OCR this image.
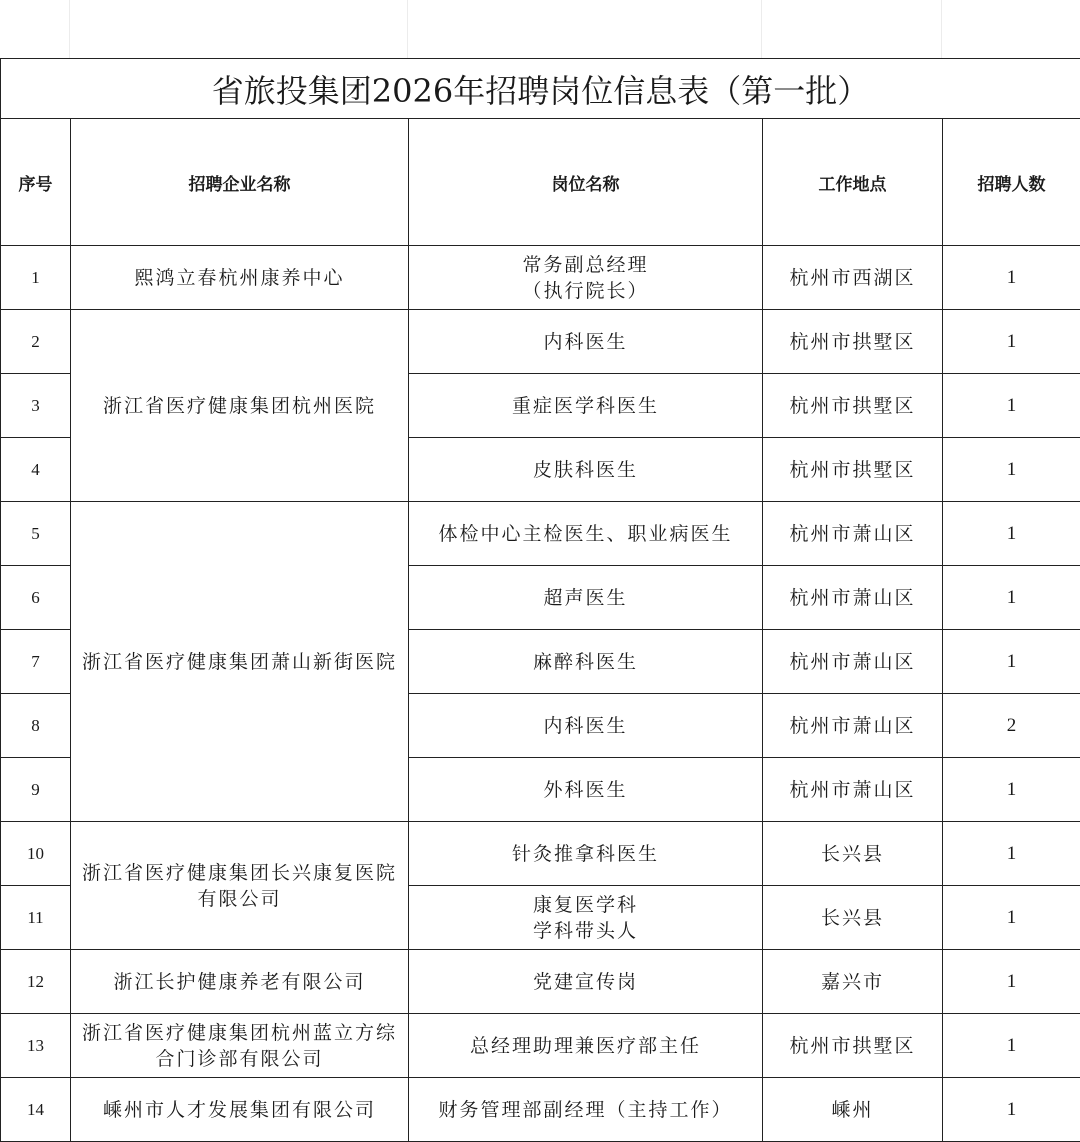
省旅投集团2026年招聘岗位信息表（第一批）				
序号	招聘企业名称	岗位名称	工作地点	招聘人数
1	熙鸿立春杭州康养中心	常务副总经理
（执行院长）	杭州市西湖区	1
2	浙江省医疗健康集团杭州医院	内科医生	杭州市拱墅区	1
3		重症医学科医生	杭州市拱墅区	1
4		皮肤科医生	杭州市拱墅区	1
5	浙江省医疗健康集团萧山新街医院	体检中心主检医生、职业病医生	杭州市萧山区	1
6		超声医生	杭州市萧山区	1
7		麻醉科医生	杭州市萧山区	1
8		内科医生	杭州市萧山区	2
9		外科医生	杭州市萧山区	1
10	浙江省医疗健康集团长兴康复医院
有限公司	针灸推拿科医生	长兴县	1
11		康复医学科
学科带头人	长兴县	1
12	浙江长护健康养老有限公司	党建宣传岗	嘉兴市	1
13	浙江省医疗健康集团杭州蓝立方综
合门诊部有限公司	总经理助理兼医疗部主任	杭州市拱墅区	1
14	嵊州市人才发展集团有限公司	财务管理部副经理（主持工作）	嵊州	1
